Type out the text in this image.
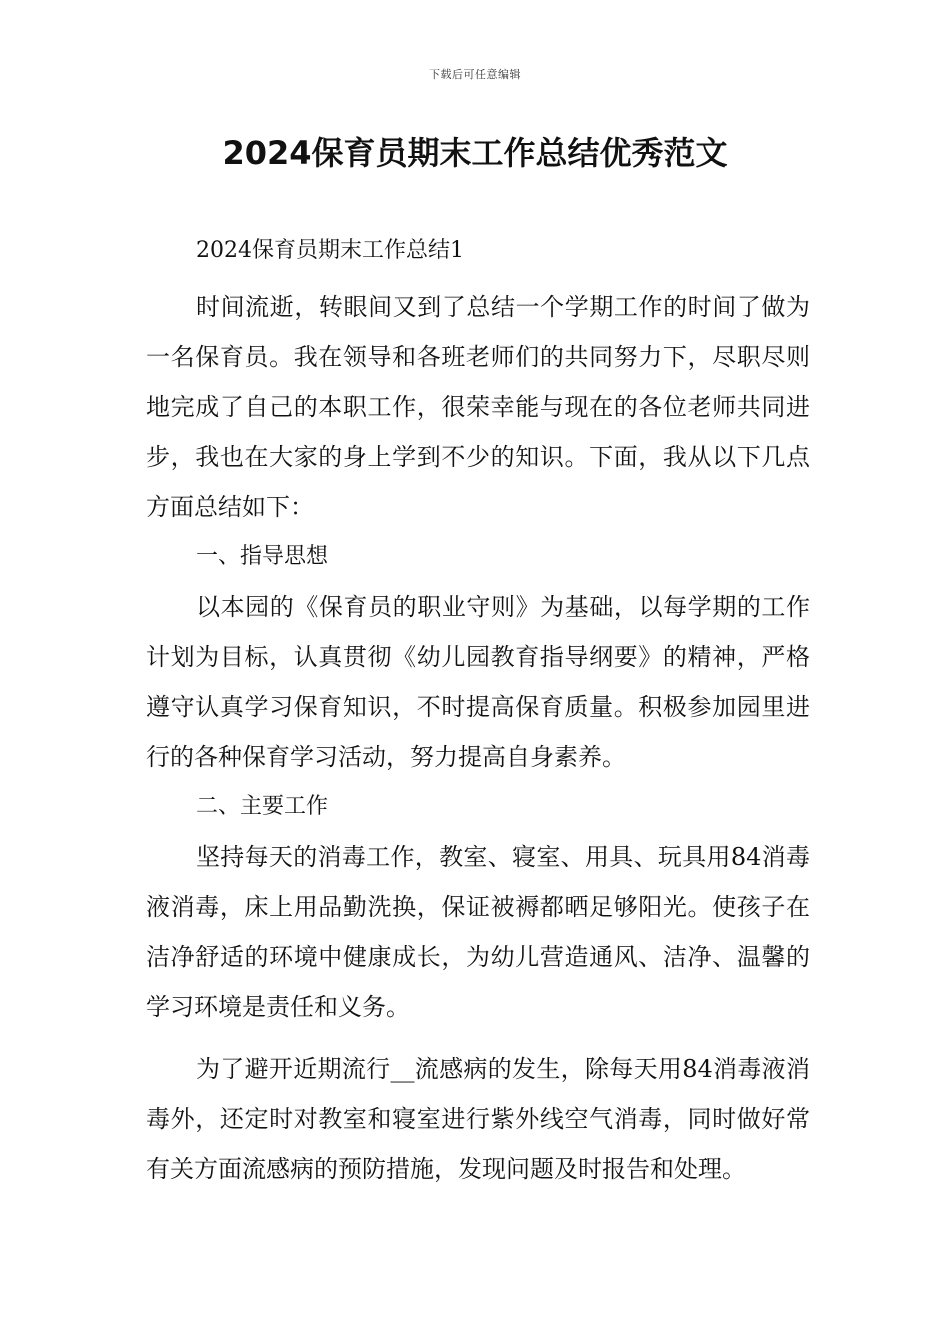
下载后可任意编辑
2024保育员期末工作总结优秀范文

2024保育员期末工作总结1

时间流逝，转眼间又到了总结一个学期工作的时间了做为一名保育员。我在领导和各班老师们的共同努力下，尽职尽则地完成了自己的本职工作，很荣幸能与现在的各位老师共同进步，我也在大家的身上学到不少的知识。下面，我从以下几点方面总结如下：

一、指导思想

以本园的《保育员的职业守则》为基础，以每学期的工作计划为目标，认真贯彻《幼儿园教育指导纲要》的精神，严格遵守认真学习保育知识，不时提高保育质量。积极参加园里进行的各种保育学习活动，努力提高自身素养。

二、主要工作

坚持每天的消毒工作，教室、寝室、用具、玩具用84消毒液消毒，床上用品勤洗换，保证被褥都晒足够阳光。使孩子在洁净舒适的环境中健康成长，为幼儿营造通风、洁净、温馨的学习环境是责任和义务。

为了避开近期流行__流感病的发生，除每天用84消毒液消毒外，还定时对教室和寝室进行紫外线空气消毒，同时做好常有关方面流感病的预防措施，发现问题及时报告和处理。
